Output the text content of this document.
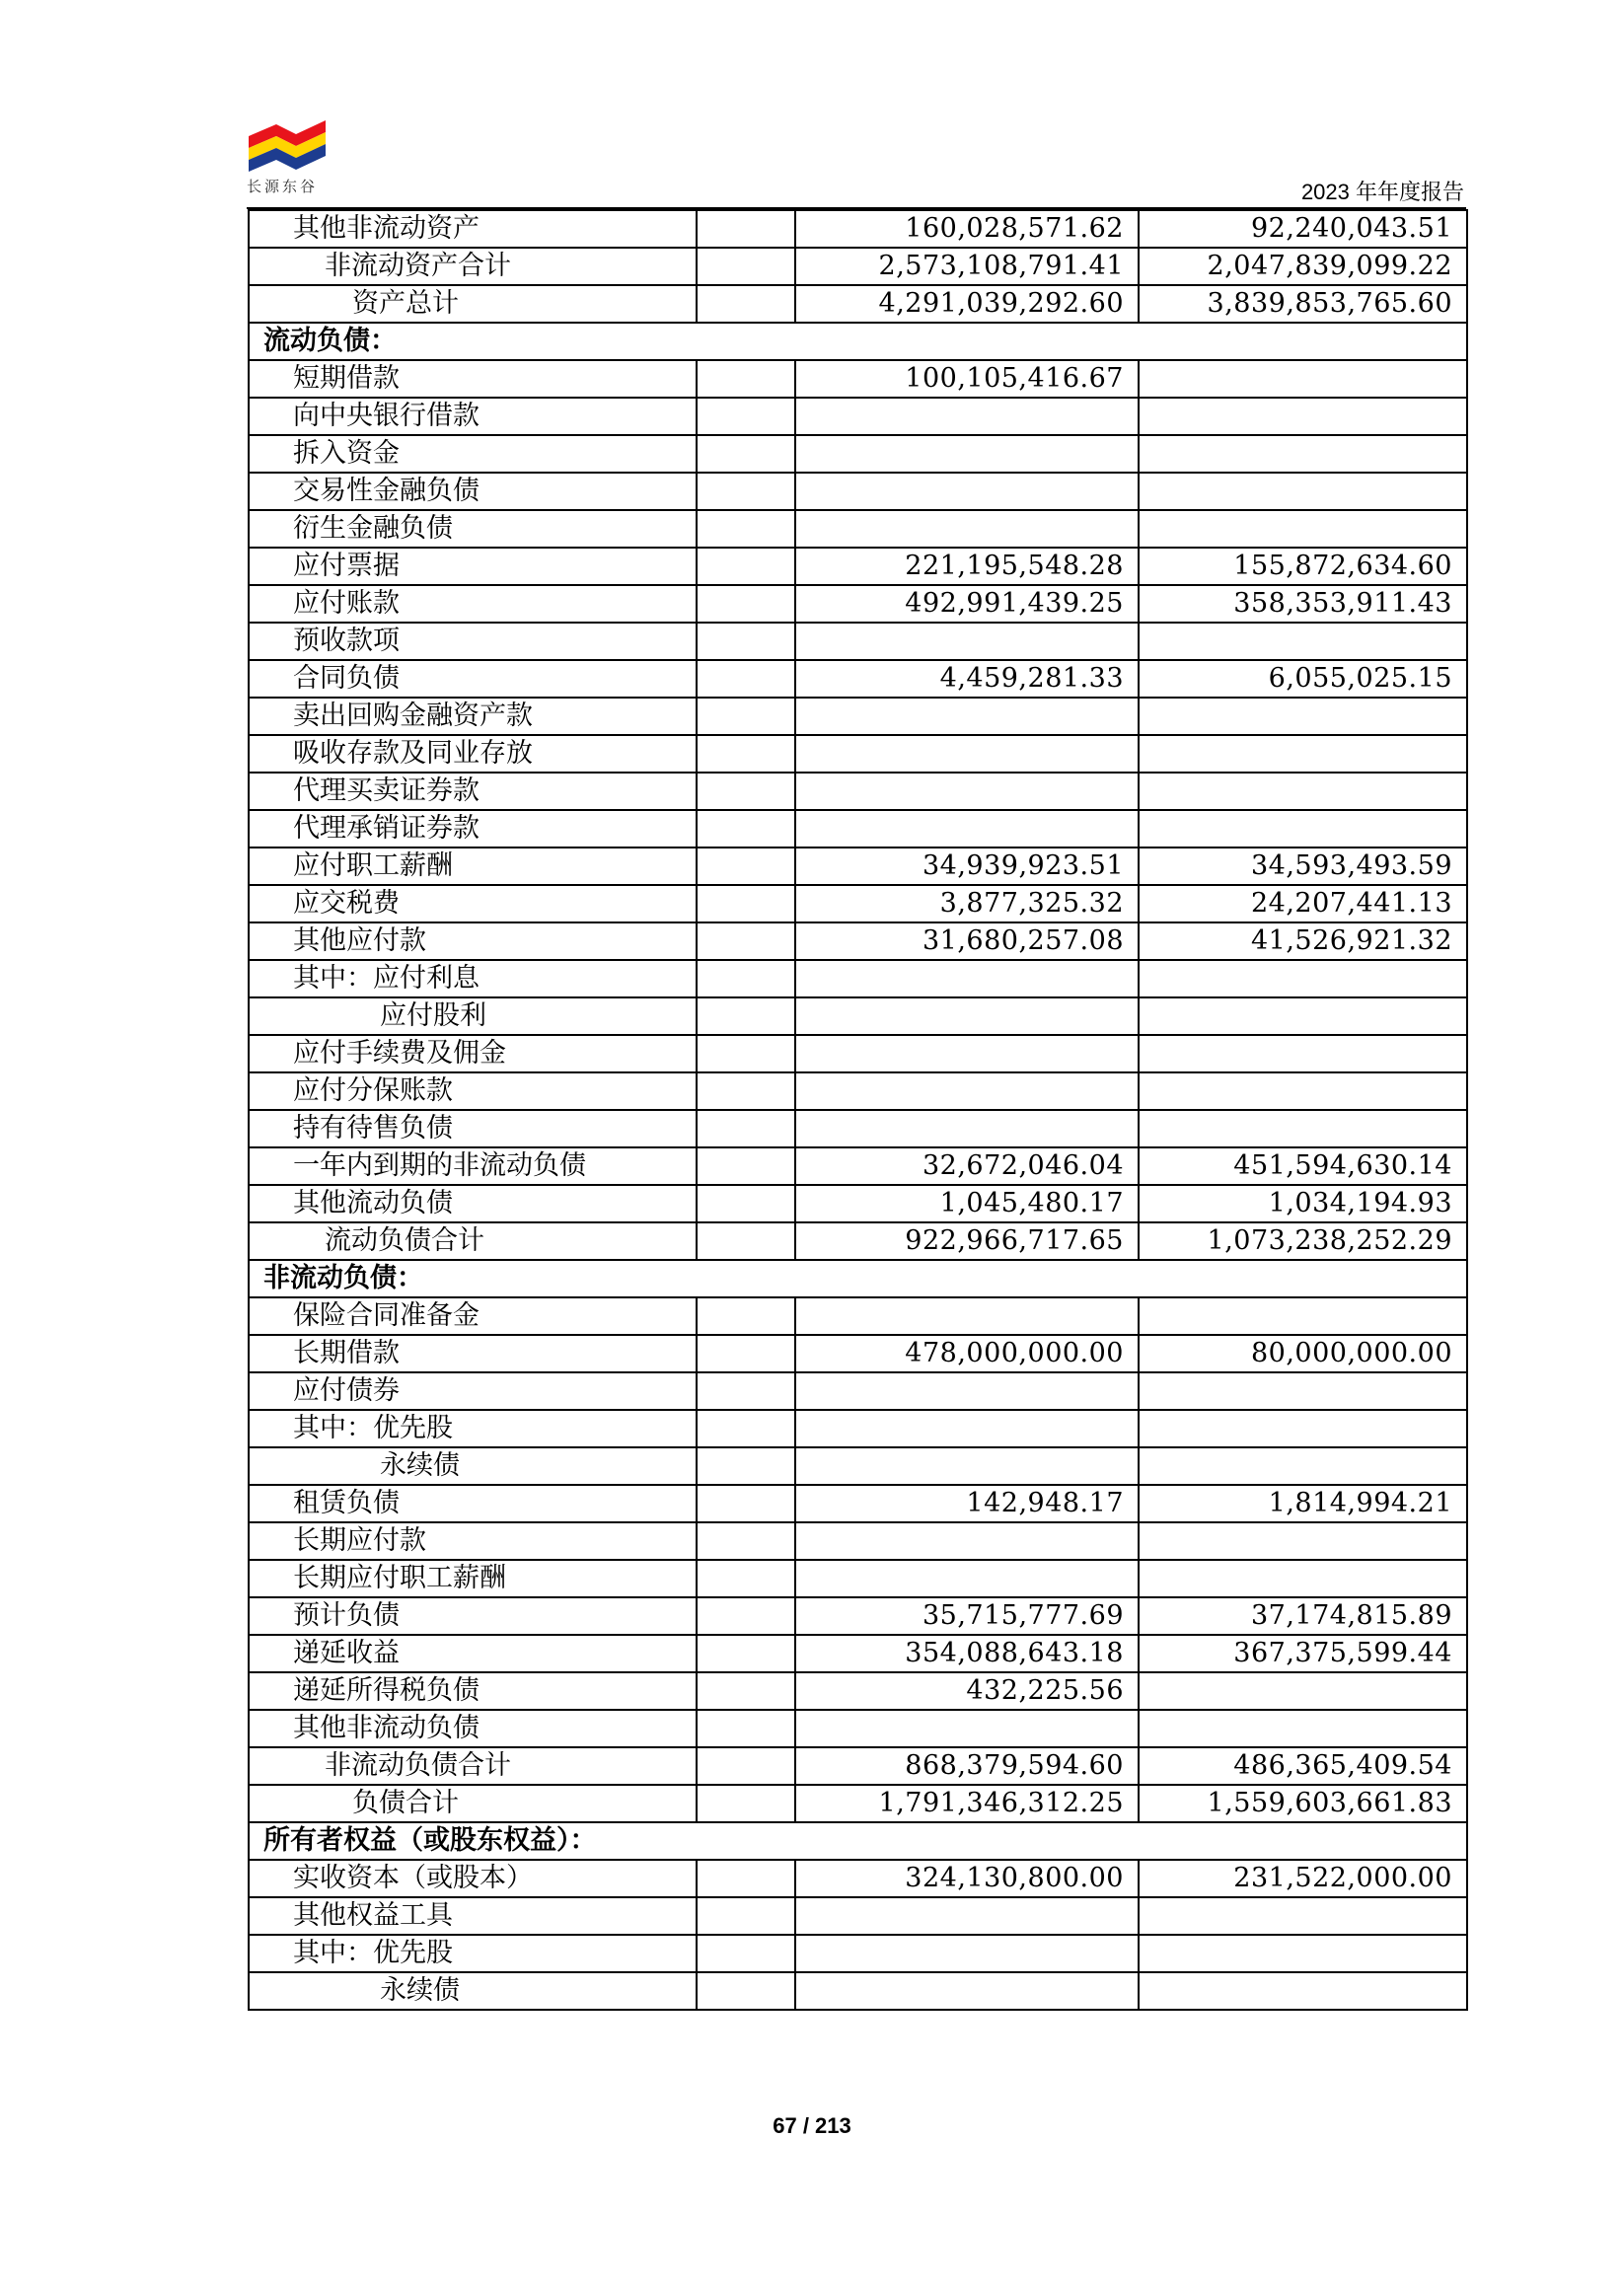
长源东谷	2023 年年度报告
其他非流动资产		160,028,571.62	92,240,043.51
非流动资产合计		2,573,108,791.41	2,047,839,099.22
资产总计		4,291,039,292.60	3,839,853,765.60
流动负债：			
短期借款		100,105,416.67	
向中央银行借款			
拆入资金			
交易性金融负债			
衍生金融负债			
应付票据		221,195,548.28	155,872,634.60
应付账款		492,991,439.25	358,353,911.43
预收款项			
合同负债		4,459,281.33	6,055,025.15
卖出回购金融资产款			
吸收存款及同业存放			
代理买卖证券款			
代理承销证券款			
应付职工薪酬		34,939,923.51	34,593,493.59
应交税费		3,877,325.32	24,207,441.13
其他应付款		31,680,257.08	41,526,921.32
其中：应付利息			
应付股利			
应付手续费及佣金			
应付分保账款			
持有待售负债			
一年内到期的非流动负债		32,672,046.04	451,594,630.14
其他流动负债		1,045,480.17	1,034,194.93
流动负债合计		922,966,717.65	1,073,238,252.29
非流动负债：			
保险合同准备金			
长期借款		478,000,000.00	80,000,000.00
应付债券			
其中：优先股			
永续债			
租赁负债		142,948.17	1,814,994.21
长期应付款			
长期应付职工薪酬			
预计负债		35,715,777.69	37,174,815.89
递延收益		354,088,643.18	367,375,599.44
递延所得税负债		432,225.56	
其他非流动负债			
非流动负债合计		868,379,594.60	486,365,409.54
负债合计		1,791,346,312.25	1,559,603,661.83
所有者权益（或股东权益）：			
实收资本（或股本）		324,130,800.00	231,522,000.00
其他权益工具			
其中：优先股			
永续债			
67 / 213
